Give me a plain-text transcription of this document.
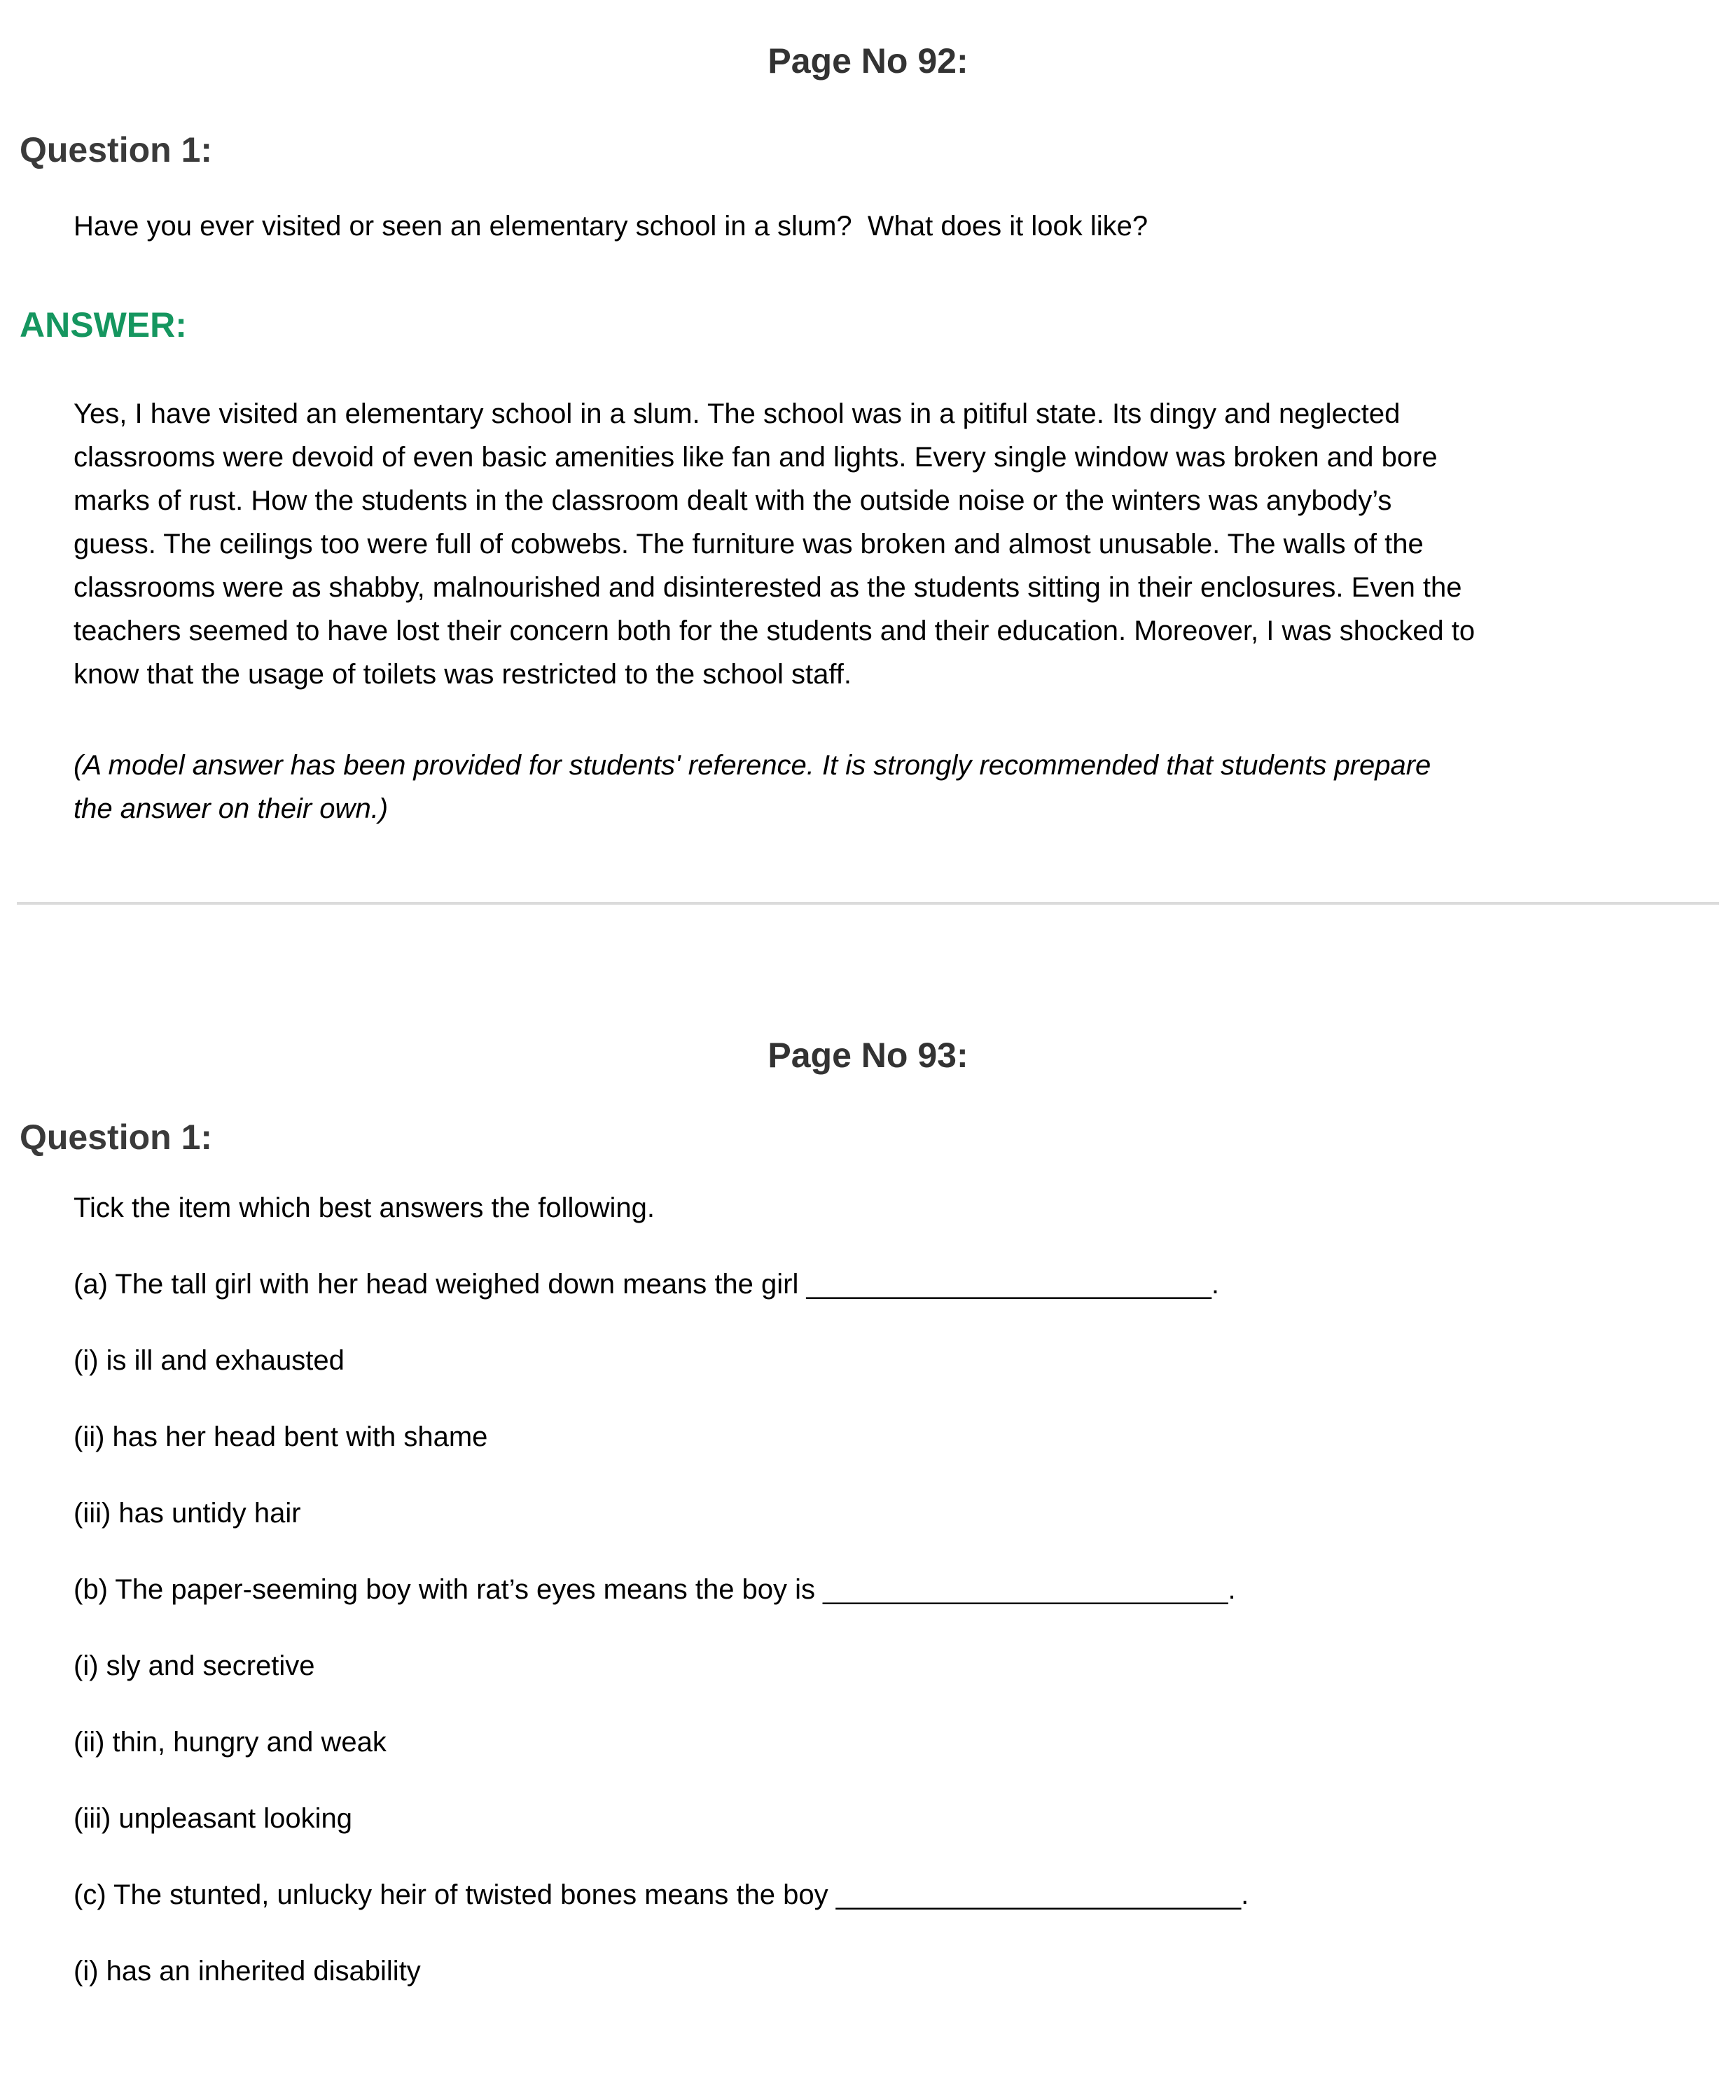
Page No 92:
Question 1:
Have you ever visited or seen an elementary school in a slum?  What does it look like?
ANSWER:
Yes, I have visited an elementary school in a slum. The school was in a pitiful state. Its dingy and neglected
classrooms were devoid of even basic amenities like fan and lights. Every single window was broken and bore
marks of rust. How the students in the classroom dealt with the outside noise or the winters was anybody’s
guess. The ceilings too were full of cobwebs. The furniture was broken and almost unusable. The walls of the
classrooms were as shabby, malnourished and disinterested as the students sitting in their enclosures. Even the
teachers seemed to have lost their concern both for the students and their education. Moreover, I was shocked to
know that the usage of toilets was restricted to the school staff.
(A model answer has been provided for students' reference. It is strongly recommended that students prepare
the answer on their own.)
Page No 93:
Question 1:
Tick the item which best answers the following.
(a) The tall girl with her head weighed down means the girl __________________________.
(i) is ill and exhausted
(ii) has her head bent with shame
(iii) has untidy hair
(b) The paper-seeming boy with rat’s eyes means the boy is __________________________.
(i) sly and secretive
(ii) thin, hungry and weak
(iii) unpleasant looking
(c) The stunted, unlucky heir of twisted bones means the boy __________________________.
(i) has an inherited disability
